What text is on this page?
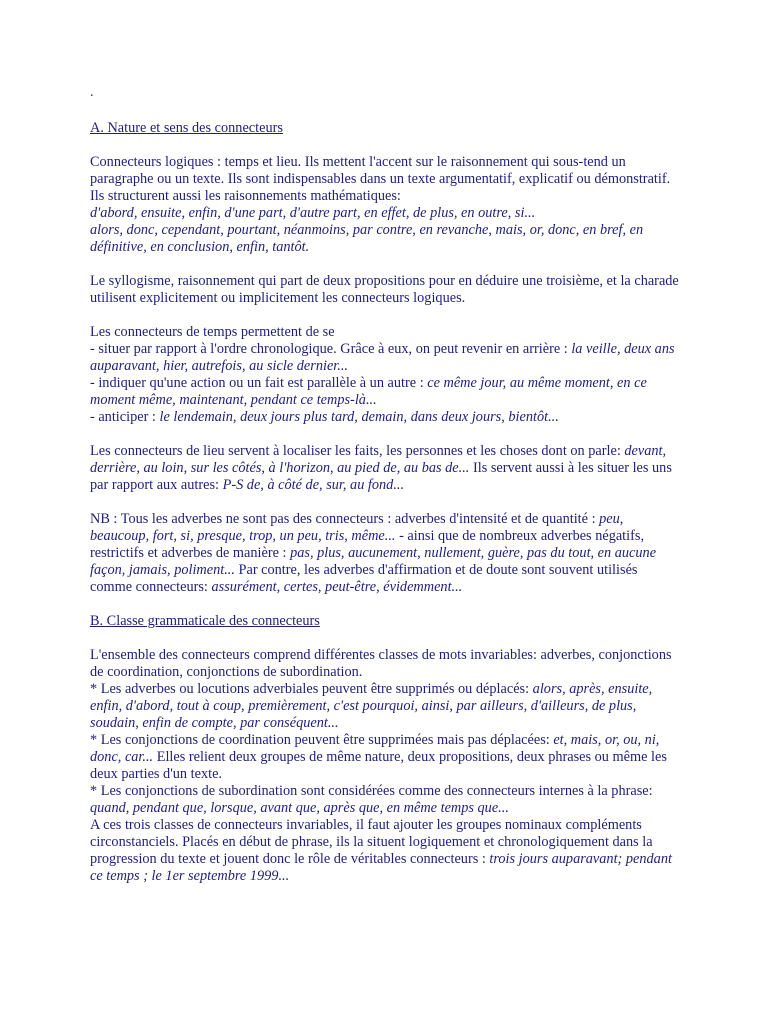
.

A. Nature et sens des connecteurs

Connecteurs logiques : temps et lieu. Ils mettent l'accent sur le raisonnement qui sous-tend un paragraphe ou un texte. Ils sont indispensables dans un texte argumentatif, explicatif ou démonstratif. Ils structurent aussi les raisonnements mathématiques:
d'abord, ensuite, enfin, d'une part, d'autre part, en effet, de plus, en outre, si...
alors, donc, cependant, pourtant, néanmoins, par contre, en revanche, mais, or, donc, en bref, en définitive, en conclusion, enfin, tantôt.

Le syllogisme, raisonnement qui part de deux propositions pour en déduire une troisième, et la charade utilisent explicitement ou implicitement les connecteurs logiques.

Les connecteurs de temps permettent de se
- situer par rapport à l'ordre chronologique. Grâce à eux, on peut revenir en arrière : la veille, deux ans auparavant, hier, autrefois, au sicle dernier...
- indiquer qu'une action ou un fait est parallèle à un autre : ce même jour, au même moment, en ce moment même, maintenant, pendant ce temps-là...
- anticiper : le lendemain, deux jours plus tard, demain, dans deux jours, bientôt...

Les connecteurs de lieu servent à localiser les faits, les personnes et les choses dont on parle: devant, derrière, au loin, sur les côtés, à l'horizon, au pied de, au bas de... Ils servent aussi à les situer les uns par rapport aux autres: P-S de, à côté de, sur, au fond...

NB : Tous les adverbes ne sont pas des connecteurs : adverbes d'intensité et de quantité : peu, beaucoup, fort, si, presque, trop, un peu, tris, même... - ainsi que de nombreux adverbes négatifs, restrictifs et adverbes de manière : pas, plus, aucunement, nullement, guère, pas du tout, en aucune façon, jamais, poliment... Par contre, les adverbes d'affirmation et de doute sont souvent utilisés comme connecteurs: assurément, certes, peut-être, évidemment...

B. Classe grammaticale des connecteurs

L'ensemble des connecteurs comprend différentes classes de mots invariables: adverbes, conjonctions de coordination, conjonctions de subordination.
* Les adverbes ou locutions adverbiales peuvent être supprimés ou déplacés: alors, après, ensuite, enfin, d'abord, tout à coup, premièrement, c'est pourquoi, ainsi, par ailleurs, d'ailleurs, de plus, soudain, enfin de compte, par conséquent...
* Les conjonctions de coordination peuvent être supprimées mais pas déplacées: et, mais, or, ou, ni, donc, car... Elles relient deux groupes de même nature, deux propositions, deux phrases ou même les deux parties d'un texte.
* Les conjonctions de subordination sont considérées comme des connecteurs internes à la phrase: quand, pendant que, lorsque, avant que, après que, en même temps que...
A ces trois classes de connecteurs invariables, il faut ajouter les groupes nominaux compléments circonstanciels. Placés en début de phrase, ils la situent logiquement et chronologiquement dans la progression du texte et jouent donc le rôle de véritables connecteurs : trois jours auparavant; pendant ce temps ; le 1er septembre 1999...
